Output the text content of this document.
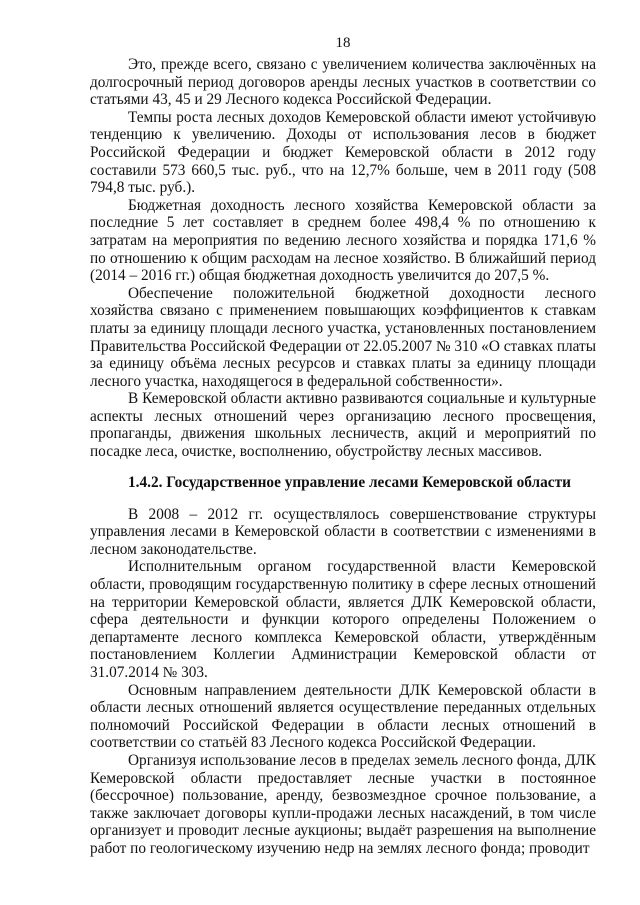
18

Это, прежде всего, связано с увеличением количества заключённых на долгосрочный период договоров аренды лесных участков в соответствии со статьями 43, 45 и 29 Лесного кодекса Российской Федерации.

Темпы роста лесных доходов Кемеровской области имеют устойчивую тенденцию к увеличению. Доходы от использования лесов в бюджет Российской Федерации и бюджет Кемеровской области в 2012 году составили 573 660,5 тыс. руб., что на 12,7% больше, чем в 2011 году (508 794,8 тыс. руб.).

Бюджетная доходность лесного хозяйства Кемеровской области за последние 5 лет составляет в среднем более 498,4 % по отношению к затратам на мероприятия по ведению лесного хозяйства и порядка 171,6 % по отношению к общим расходам на лесное хозяйство. В ближайший период (2014 – 2016 гг.) общая бюджетная доходность увеличится до 207,5 %.

Обеспечение положительной бюджетной доходности лесного хозяйства связано с применением повышающих коэффициентов к ставкам платы за единицу площади лесного участка, установленных постановлением Правительства Российской Федерации от 22.05.2007 № 310 «О ставках платы за единицу объёма лесных ресурсов и ставках платы за единицу площади лесного участка, находящегося в федеральной собственности».

В Кемеровской области активно развиваются социальные и культурные аспекты лесных отношений через организацию лесного просвещения, пропаганды, движения школьных лесничеств, акций и мероприятий по посадке леса, очистке, восполнению, обустройству лесных массивов.

1.4.2. Государственное управление лесами Кемеровской области

В 2008 – 2012 гг. осуществлялось совершенствование структуры управления лесами в Кемеровской области в соответствии с изменениями в лесном законодательстве.

Исполнительным органом государственной власти Кемеровской области, проводящим государственную политику в сфере лесных отношений на территории Кемеровской области, является ДЛК Кемеровской области, сфера деятельности и функции которого определены Положением о департаменте лесного комплекса Кемеровской области, утверждённым постановлением Коллегии Администрации Кемеровской области от 31.07.2014 № 303.

Основным направлением деятельности ДЛК Кемеровской области в области лесных отношений является осуществление переданных отдельных полномочий Российской Федерации в области лесных отношений в соответствии со статьёй 83 Лесного кодекса Российской Федерации.

Организуя использование лесов в пределах земель лесного фонда, ДЛК Кемеровской области предоставляет лесные участки в постоянное (бессрочное) пользование, аренду, безвозмездное срочное пользование, а также заключает договоры купли-продажи лесных насаждений, в том числе организует и проводит лесные аукционы; выдаёт разрешения на выполнение работ по геологическому изучению недр на землях лесного фонда; проводит
